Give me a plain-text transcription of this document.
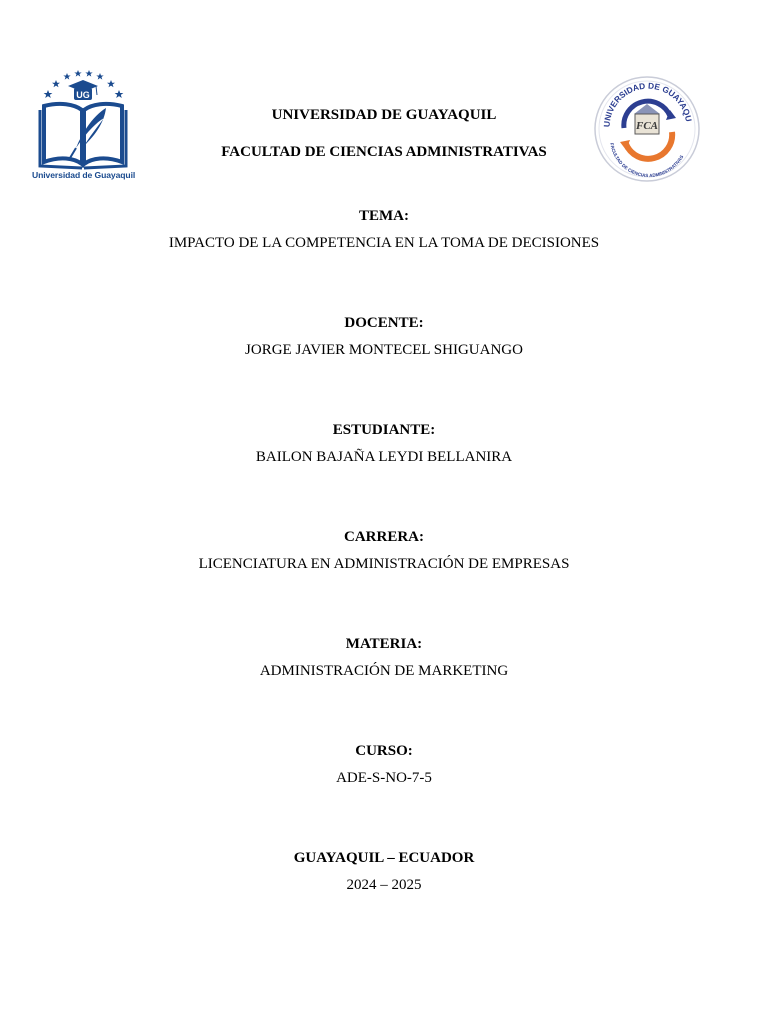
UG
Universidad de Guayaquil
UNIVERSIDAD DE GUAYAQU
FACULTAD DE CIENCIAS ADMINISTRATIVAS
FCA
UNIVERSIDAD DE GUAYAQUIL
FACULTAD DE CIENCIAS ADMINISTRATIVAS
TEMA:
IMPACTO DE LA COMPETENCIA EN LA TOMA DE DECISIONES
DOCENTE:
JORGE JAVIER MONTECEL SHIGUANGO
ESTUDIANTE:
BAILON BAJAÑA LEYDI BELLANIRA
CARRERA:
LICENCIATURA EN ADMINISTRACIÓN DE EMPRESAS
MATERIA:
ADMINISTRACIÓN DE MARKETING
CURSO:
ADE-S-NO-7-5
GUAYAQUIL – ECUADOR
2024 – 2025
